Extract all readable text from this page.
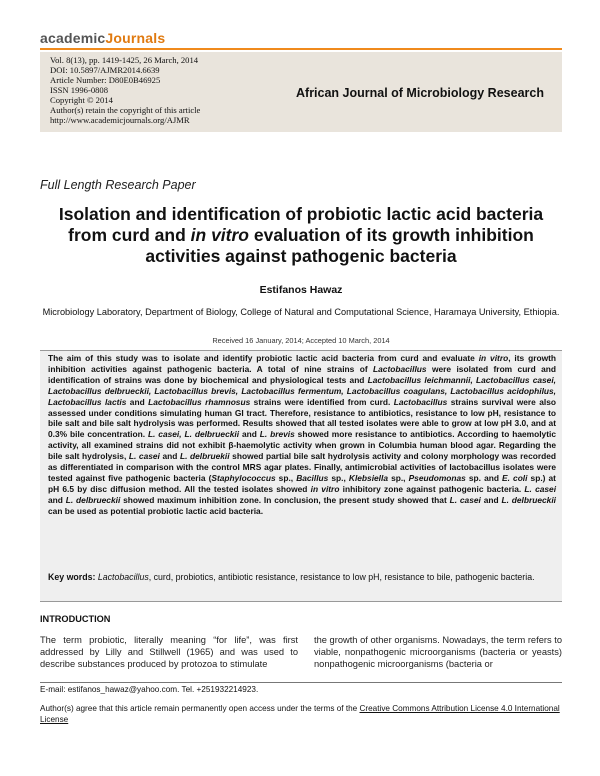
academicJournals
Vol. 8(13), pp. 1419-1425, 26 March, 2014
DOI: 10.5897/AJMR2014.6639
Article Number: D80E0B46925
ISSN 1996-0808
Copyright © 2014
Author(s) retain the copyright of this article
http://www.academicjournals.org/AJMR
African Journal of Microbiology Research
Full Length Research Paper
Isolation and identification of probiotic lactic acid bacteria from curd and in vitro evaluation of its growth inhibition activities against pathogenic bacteria
Estifanos Hawaz
Microbiology Laboratory, Department of Biology, College of Natural and Computational Science, Haramaya University, Ethiopia.
Received 16 January, 2014; Accepted 10 March, 2014
The aim of this study was to isolate and identify probiotic lactic acid bacteria from curd and evaluate in vitro, its growth inhibition activities against pathogenic bacteria. A total of nine strains of Lactobacillus were isolated from curd and identification of strains was done by biochemical and physiological tests and Lactobacillus leichmannii, Lactobacillus casei, Lactobacillus delbrueckii, Lactobacillus brevis, Lactobacillus fermentum, Lactobacillus coagulans, Lactobacillus acidophilus, Lactobacillus lactis and Lactobacillus rhamnosus strains were identified from curd. Lactobacillus strains survival were also assessed under conditions simulating human GI tract. Therefore, resistance to antibiotics, resistance to low pH, resistance to bile salt and bile salt hydrolysis was performed. Results showed that all tested isolates were able to grow at low pH 3.0, and at 0.3% bile concentration. L. casei, L. delbrueckii and L. brevis showed more resistance to antibiotics. According to haemolytic activity, all examined strains did not exhibit β-haemolytic activity when grown in Columbia human blood agar. Regarding the bile salt hydrolysis, L. casei and L. delbruekii showed partial bile salt hydrolysis activity and colony morphology was recorded as differentiated in comparison with the control MRS agar plates. Finally, antimicrobial activities of lactobacillus isolates were tested against five pathogenic bacteria (Staphylococcus sp., Bacillus sp., Klebsiella sp., Pseudomonas sp. and E. coli sp.) at pH 6.5 by disc diffusion method. All the tested isolates showed in vitro inhibitory zone against pathogenic bacteria. L. casei and L. delbrueckii showed maximum inhibition zone. In conclusion, the present study showed that L. casei and L. delbrueckii can be used as potential probiotic lactic acid bacteria.
Key words: Lactobacillus, curd, probiotics, antibiotic resistance, resistance to low pH, resistance to bile, pathogenic bacteria.
INTRODUCTION
The term probiotic, literally meaning “for life”, was first addressed by Lilly and Stillwell (1965) and was used to describe substances produced by protozoa to stimulate
the growth of other organisms. Nowadays, the term refers to viable, nonpathogenic microorganisms (bacteria or yeasts) nonpathogenic microorganisms (bacteria or
E-mail: estifanos_hawaz@yahoo.com. Tel. +251932214923.
Author(s) agree that this article remain permanently open access under the terms of the Creative Commons Attribution License 4.0 International License
